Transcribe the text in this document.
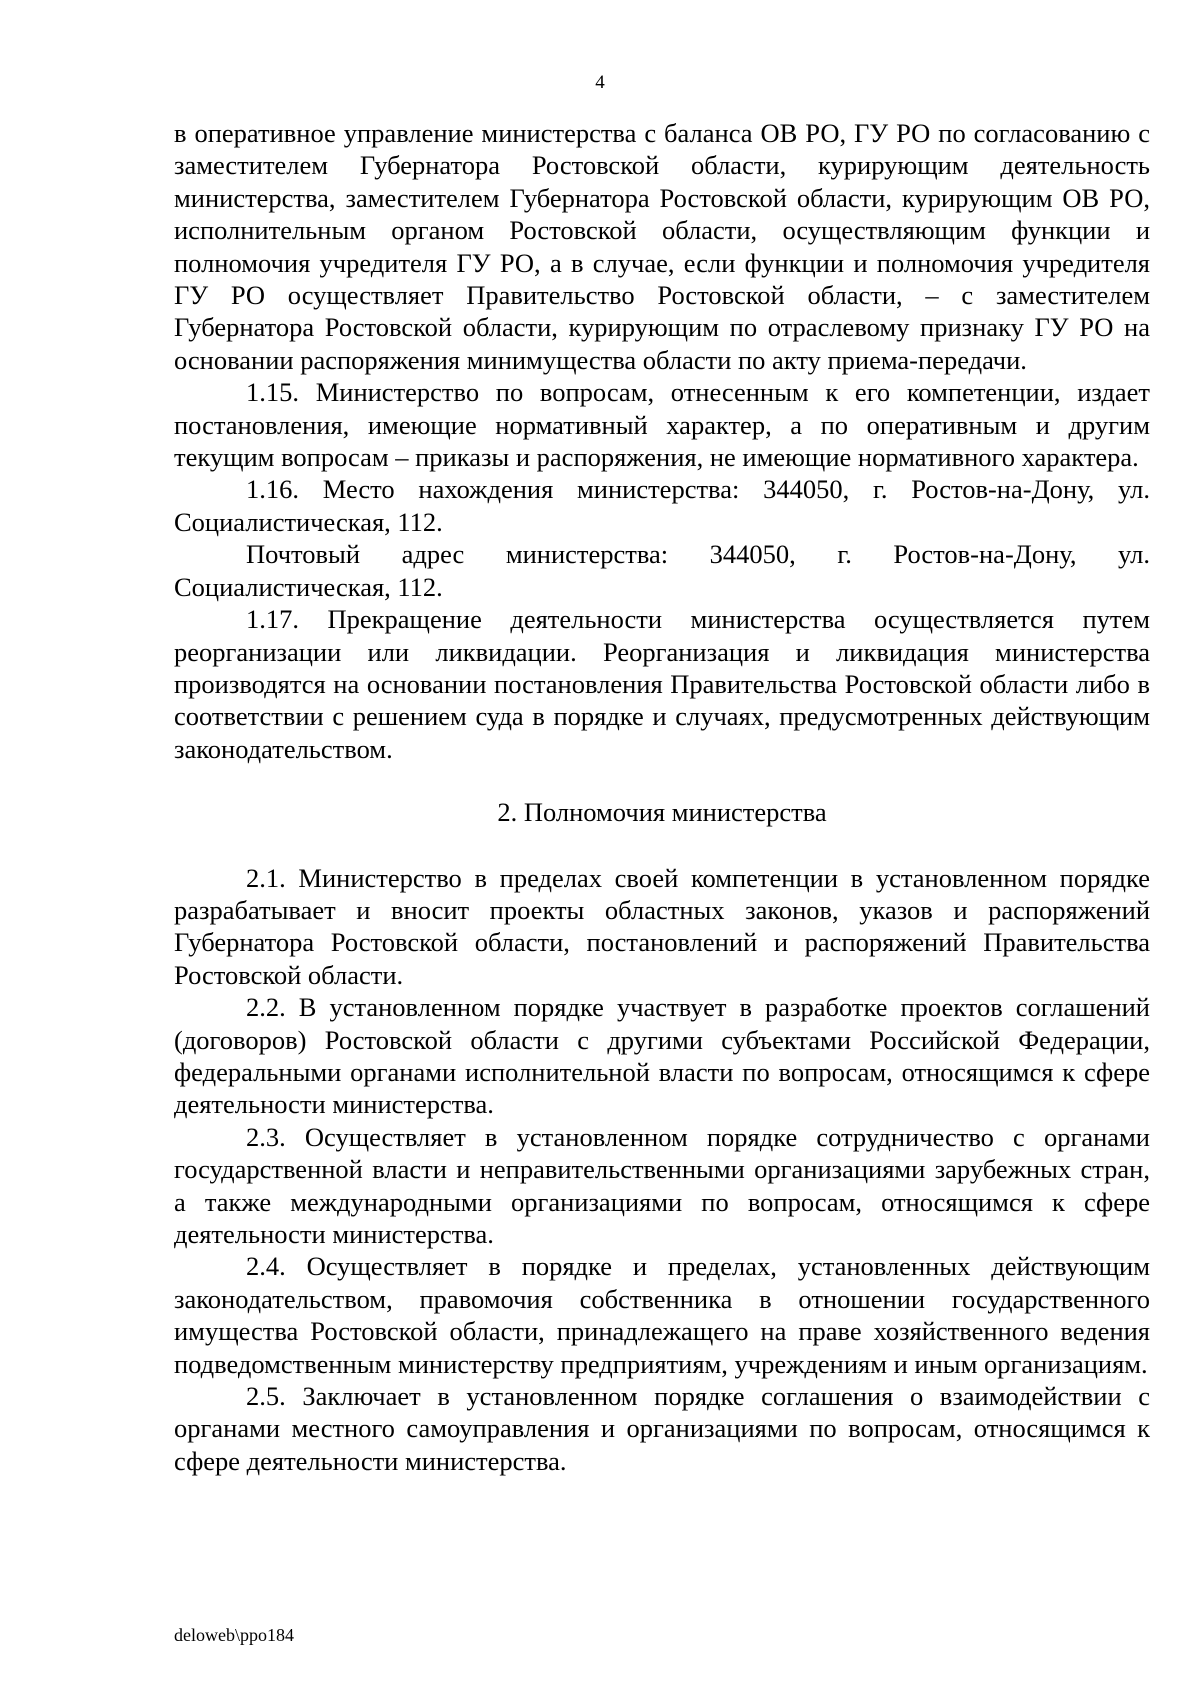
4

в оперативное управление министерства с баланса ОВ РО, ГУ РО по согласованию с заместителем Губернатора Ростовской области, курирующим деятельность министерства, заместителем Губернатора Ростовской области, курирующим ОВ РО, исполнительным органом Ростовской области, осуществляющим функции и полномочия учредителя ГУ РО, а в случае, если функции и полномочия учредителя ГУ РО осуществляет Правительство Ростовской области, – с заместителем Губернатора Ростовской области, курирующим по отраслевому признаку ГУ РО на основании распоряжения минимущества области по акту приема-передачи.

1.15. Министерство по вопросам, отнесенным к его компетенции, издает постановления, имеющие нормативный характер, а по оперативным и другим текущим вопросам – приказы и распоряжения, не имеющие нормативного характера.

1.16. Место нахождения министерства: 344050, г. Ростов-на-Дону, ул. Социалистическая, 112.

Почтовый адрес министерства: 344050, г. Ростов-на-Дону, ул. Социалистическая, 112.

1.17. Прекращение деятельности министерства осуществляется путем реорганизации или ликвидации. Реорганизация и ликвидация министерства производятся на основании постановления Правительства Ростовской области либо в соответствии с решением суда в порядке и случаях, предусмотренных действующим законодательством.

2. Полномочия министерства

2.1. Министерство в пределах своей компетенции в установленном порядке разрабатывает и вносит проекты областных законов, указов и распоряжений Губернатора Ростовской области, постановлений и распоряжений Правительства Ростовской области.

2.2. В установленном порядке участвует в разработке проектов соглашений (договоров) Ростовской области с другими субъектами Российской Федерации, федеральными органами исполнительной власти по вопросам, относящимся к сфере деятельности министерства.

2.3. Осуществляет в установленном порядке сотрудничество с органами государственной власти и неправительственными организациями зарубежных стран, а также международными организациями по вопросам, относящимся к сфере деятельности министерства.

2.4. Осуществляет в порядке и пределах, установленных действующим законодательством, правомочия собственника в отношении государственного имущества Ростовской области, принадлежащего на праве хозяйственного ведения подведомственным министерству предприятиям, учреждениям и иным организациям.

2.5. Заключает в установленном порядке соглашения о взаимодействии с органами местного самоуправления и организациями по вопросам, относящимся к сфере деятельности министерства.

deloweb\ppo184
